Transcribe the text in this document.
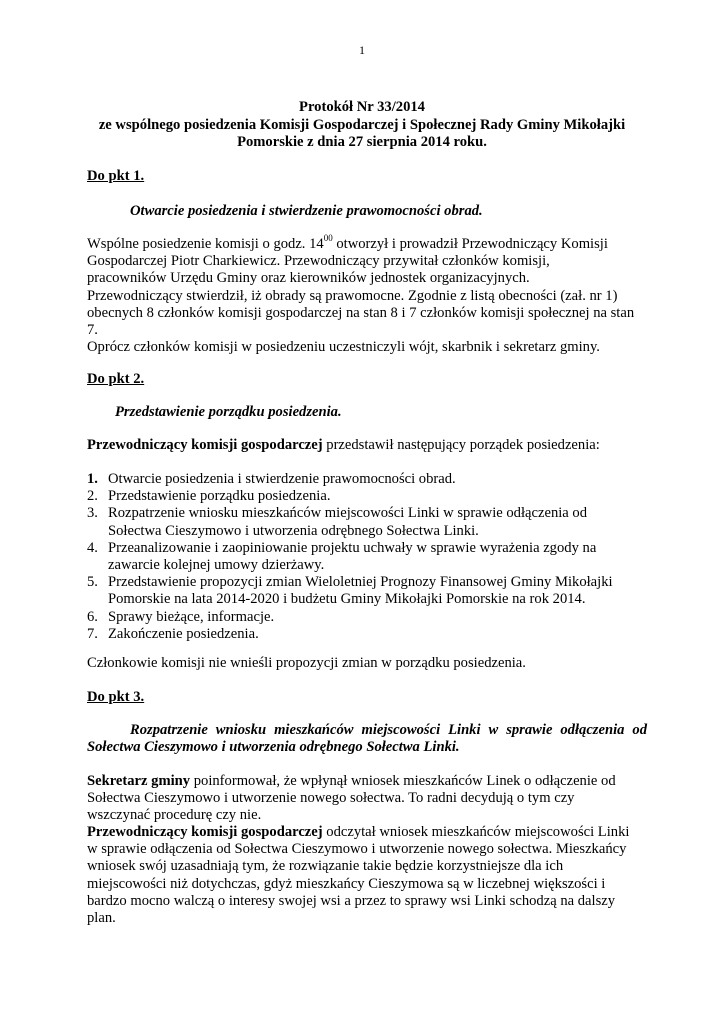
1
Protokół Nr 33/2014
ze wspólnego posiedzenia Komisji Gospodarczej i Społecznej Rady Gminy Mikołajki
Pomorskie z dnia 27 sierpnia 2014 roku.
Do pkt 1.
Otwarcie posiedzenia i stwierdzenie prawomocności obrad.
Wspólne posiedzenie komisji o godz. $14^{00}$ otworzył i prowadził Przewodniczący Komisji
Gospodarczej Piotr Charkiewicz. Przewodniczący przywitał członków komisji,
pracowników Urzędu Gminy oraz kierowników jednostek organizacyjnych.
Przewodniczący stwierdził, iż obrady są prawomocne. Zgodnie z listą obecności (zał. nr 1)
obecnych 8 członków komisji gospodarczej na stan 8 i 7 członków komisji społecznej na stan
7.
Oprócz członków komisji w posiedzeniu uczestniczyli wójt, skarbnik i sekretarz gminy.
Do pkt 2.
Przedstawienie porządku posiedzenia.
Przewodniczący komisji gospodarczej przedstawił następujący porządek posiedzenia:
1. Otwarcie posiedzenia i stwierdzenie prawomocności obrad.
2. Przedstawienie porządku posiedzenia.
3. Rozpatrzenie wniosku mieszkańców miejscowości Linki w sprawie odłączenia od
Sołectwa Cieszymowo i utworzenia odrębnego Sołectwa Linki.
4. Przeanalizowanie i zaopiniowanie projektu uchwały w sprawie wyrażenia zgody na
zawarcie kolejnej umowy dzierżawy.
5. Przedstawienie propozycji zmian Wieloletniej Prognozy Finansowej Gminy Mikołajki
Pomorskie na lata 2014-2020 i budżetu Gminy Mikołajki Pomorskie na rok 2014.
6. Sprawy bieżące, informacje.
7. Zakończenie posiedzenia.
Członkowie komisji nie wnieśli propozycji zmian w porządku posiedzenia.
Do pkt 3.
Rozpatrzenie wniosku mieszkańców miejscowości Linki w sprawie odłączenia od
Sołectwa Cieszymowo i utworzenia odrębnego Sołectwa Linki.
Sekretarz gminy poinformował, że wpłynął wniosek mieszkańców Linek o odłączenie od
Sołectwa Cieszymowo i utworzenie nowego sołectwa. To radni decydują o tym czy
wszczynać procedurę czy nie.
Przewodniczący komisji gospodarczej odczytał wniosek mieszkańców miejscowości Linki
w sprawie odłączenia od Sołectwa Cieszymowo i utworzenie nowego sołectwa. Mieszkańcy
wniosek swój uzasadniają tym, że rozwiązanie takie będzie korzystniejsze dla ich
miejscowości niż dotychczas, gdyż mieszkańcy Cieszymowa są w liczebnej większości i
bardzo mocno walczą o interesy swojej wsi a przez to sprawy wsi Linki schodzą na dalszy
plan.
